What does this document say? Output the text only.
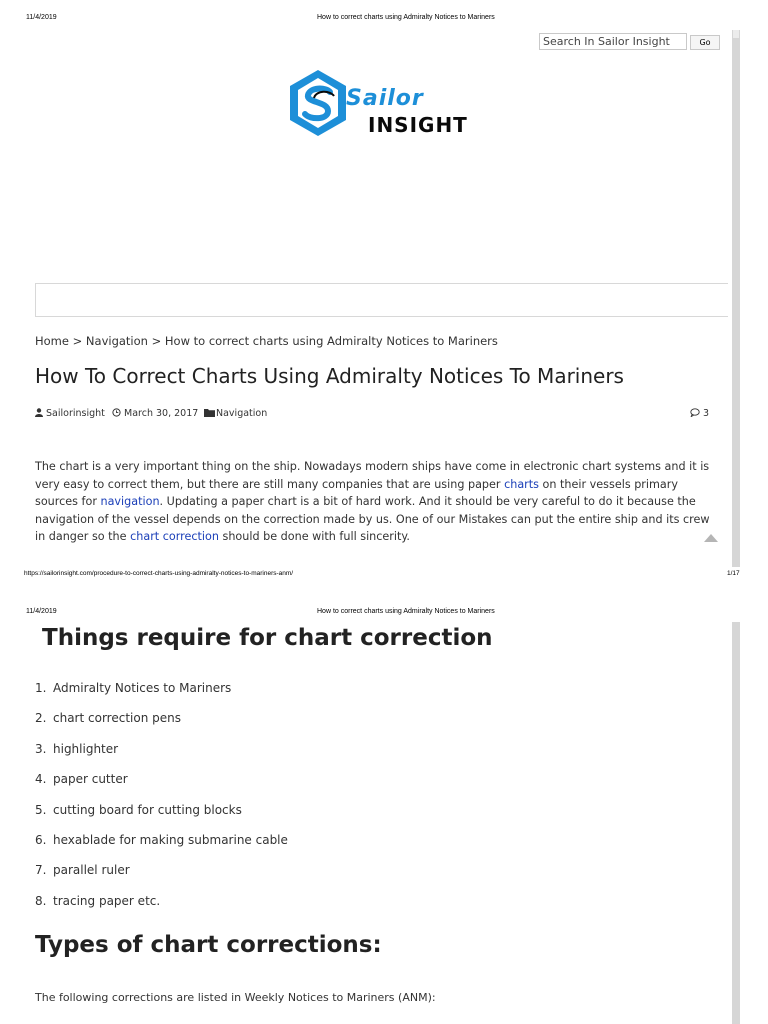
11/4/2019	How to correct charts using Admiralty Notices to Mariners
Search In Sailor Insight	Go
Sailor
INSIGHT
Home > Navigation > How to correct charts using Admiralty Notices to Mariners
How To Correct Charts Using Admiralty Notices To Mariners
Sailorinsight	March 30, 2017	Navigation	3
The chart is a very important thing on the ship. Nowadays modern ships have come in electronic chart systems and it is very easy to correct them, but there are still many companies that are using paper charts on their vessels primary sources for navigation. Updating a paper chart is a bit of hard work. And it should be very careful to do it because the navigation of the vessel depends on the correction made by us. One of our Mistakes can put the entire ship and its crew in danger so the chart correction should be done with full sincerity.
https://sailorinsight.com/procedure-to-correct-charts-using-admiralty-notices-to-mariners-anm/	1/17
11/4/2019	How to correct charts using Admiralty Notices to Mariners
Things require for chart correction
1. Admiralty Notices to Mariners
2. chart correction pens
3. highlighter
4. paper cutter
5. cutting board for cutting blocks
6. hexablade for making submarine cable
7. parallel ruler
8. tracing paper etc.
Types of chart corrections:
The following corrections are listed in Weekly Notices to Mariners (ANM):
